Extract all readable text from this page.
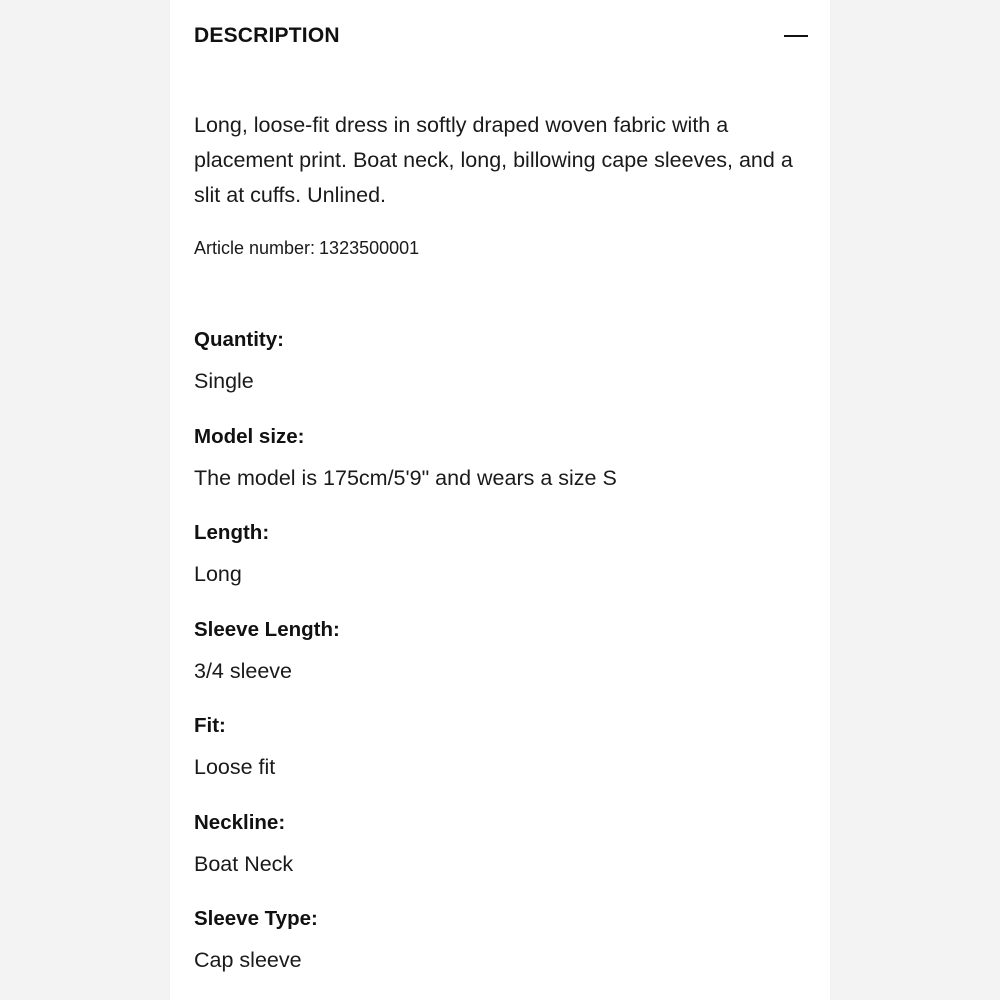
DESCRIPTION
Long, loose-fit dress in softly draped woven fabric with a placement print. Boat neck, long, billowing cape sleeves, and a slit at cuffs. Unlined.
Article number: 1323500001
Quantity:
Single
Model size:
The model is 175cm/5'9" and wears a size S
Length:
Long
Sleeve Length:
3/4 sleeve
Fit:
Loose fit
Neckline:
Boat Neck
Sleeve Type:
Cap sleeve
